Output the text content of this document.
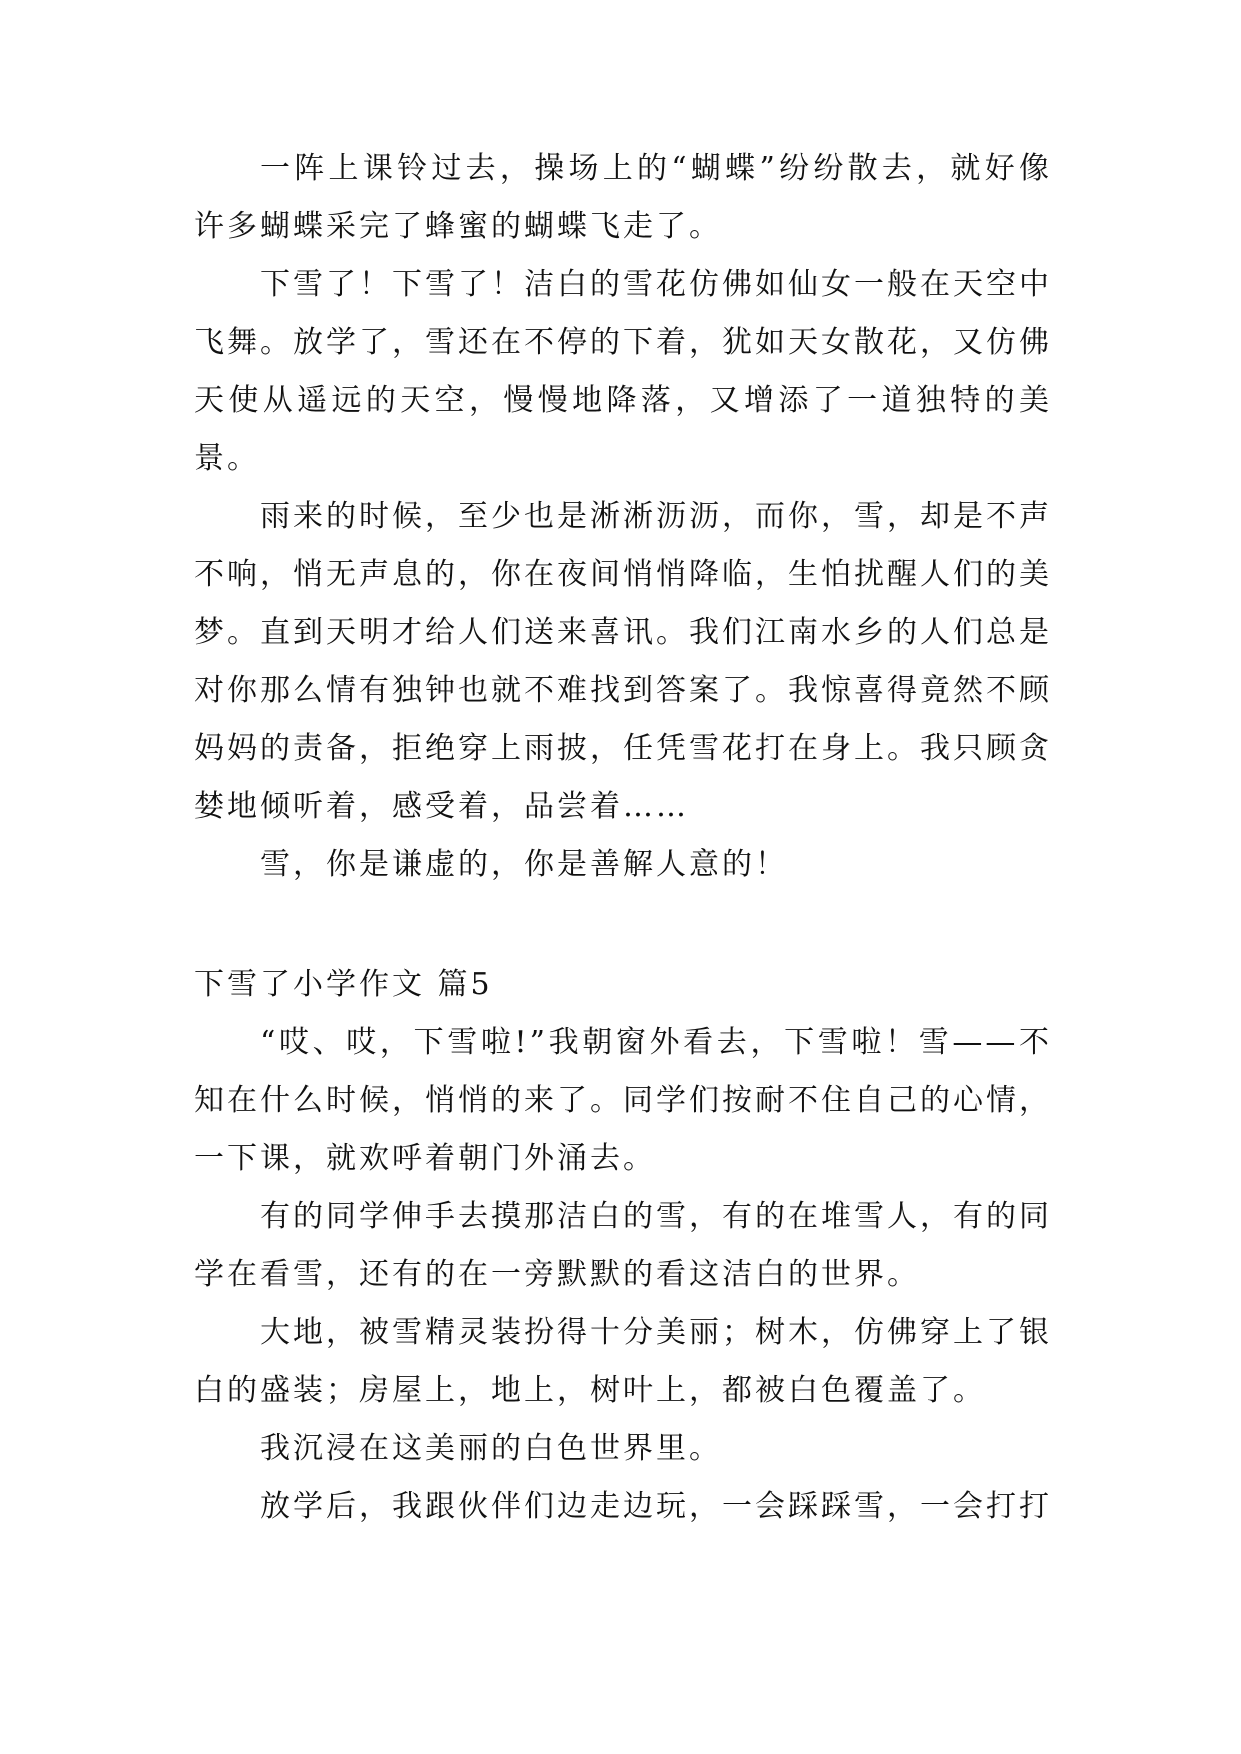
一阵上课铃过去，操场上的“蝴蝶”纷纷散去，就好像许多蝴蝶采完了蜂蜜的蝴蝶飞走了。

下雪了！下雪了！洁白的雪花仿佛如仙女一般在天空中飞舞。放学了，雪还在不停的下着，犹如天女散花，又仿佛天使从遥远的天空，慢慢地降落，又增添了一道独特的美景。

雨来的时候，至少也是淅淅沥沥，而你，雪，却是不声不响，悄无声息的，你在夜间悄悄降临，生怕扰醒人们的美梦。直到天明才给人们送来喜讯。我们江南水乡的人们总是对你那么情有独钟也就不难找到答案了。我惊喜得竟然不顾妈妈的责备，拒绝穿上雨披，任凭雪花打在身上。我只顾贪婪地倾听着，感受着，品尝着……

雪，你是谦虚的，你是善解人意的！

下雪了小学作文 篇5

“哎、哎，下雪啦!”我朝窗外看去，下雪啦！雪——不知在什么时候，悄悄的来了。同学们按耐不住自己的心情，一下课，就欢呼着朝门外涌去。

有的同学伸手去摸那洁白的雪，有的在堆雪人，有的同学在看雪，还有的在一旁默默的看这洁白的世界。

大地，被雪精灵装扮得十分美丽；树木，仿佛穿上了银白的盛装；房屋上，地上，树叶上，都被白色覆盖了。

我沉浸在这美丽的白色世界里。

放学后，我跟伙伴们边走边玩，一会踩踩雪，一会打打
